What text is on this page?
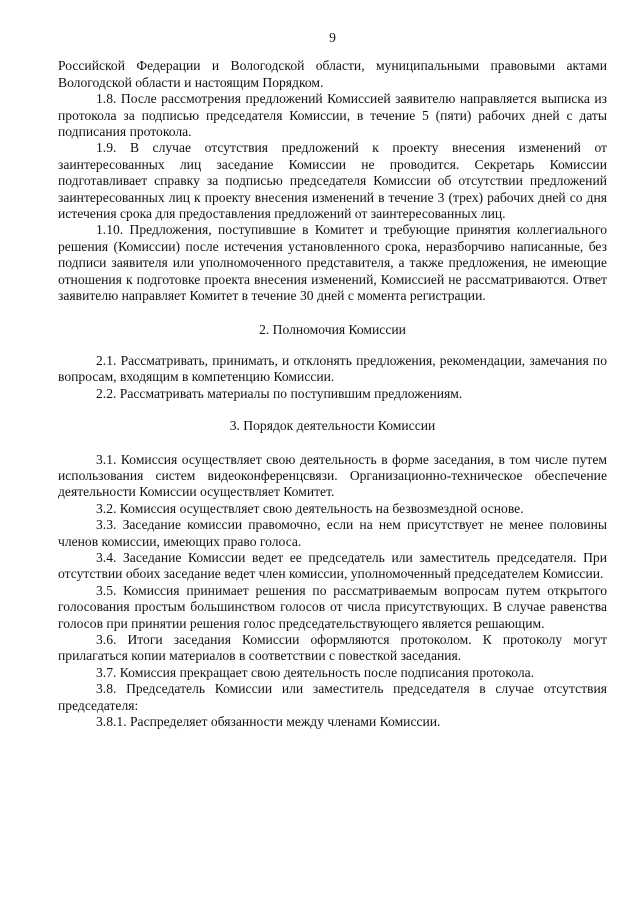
9

Российской Федерации и Вологодской области, муниципальными правовыми актами Вологодской области и настоящим Порядком.

1.8. После рассмотрения предложений Комиссией заявителю направляется выписка из протокола за подписью председателя Комиссии, в течение 5 (пяти) рабочих дней с даты подписания протокола.

1.9. В случае отсутствия предложений к проекту внесения изменений от заинтересованных лиц заседание Комиссии не проводится. Секретарь Комиссии подготавливает справку за подписью председателя Комиссии об отсутствии предложений заинтересованных лиц к проекту внесения изменений в течение 3 (трех) рабочих дней со дня истечения срока для предоставления предложений от заинтересованных лиц.

1.10. Предложения, поступившие в Комитет и требующие принятия коллегиального решения (Комиссии) после истечения установленного срока, неразборчиво написанные, без подписи заявителя или уполномоченного представителя, а также предложения, не имеющие отношения к подготовке проекта внесения изменений, Комиссией не рассматриваются. Ответ заявителю направляет Комитет в течение 30 дней с момента регистрации.

2. Полномочия Комиссии

2.1. Рассматривать, принимать, и отклонять предложения, рекомендации, замечания по вопросам, входящим в компетенцию Комиссии.

2.2. Рассматривать материалы по поступившим предложениям.

3. Порядок деятельности Комиссии

3.1. Комиссия осуществляет свою деятельность в форме заседания, в том числе путем использования систем видеоконференцсвязи. Организационно-техническое обеспечение деятельности Комиссии осуществляет Комитет.

3.2. Комиссия осуществляет свою деятельность на безвозмездной основе.

3.3. Заседание комиссии правомочно, если на нем присутствует не менее половины членов комиссии, имеющих право голоса.

3.4. Заседание Комиссии ведет ее председатель или заместитель председателя. При отсутствии обоих заседание ведет член комиссии, уполномоченный председателем Комиссии.

3.5. Комиссия принимает решения по рассматриваемым вопросам путем открытого голосования простым большинством голосов от числа присутствующих. В случае равенства голосов при принятии решения голос председательствующего является решающим.

3.6. Итоги заседания Комиссии оформляются протоколом. К протоколу могут прилагаться копии материалов в соответствии с повесткой заседания.

3.7. Комиссия прекращает свою деятельность после подписания протокола.

3.8. Председатель Комиссии или заместитель председателя в случае отсутствия председателя:

3.8.1. Распределяет обязанности между членами Комиссии.
